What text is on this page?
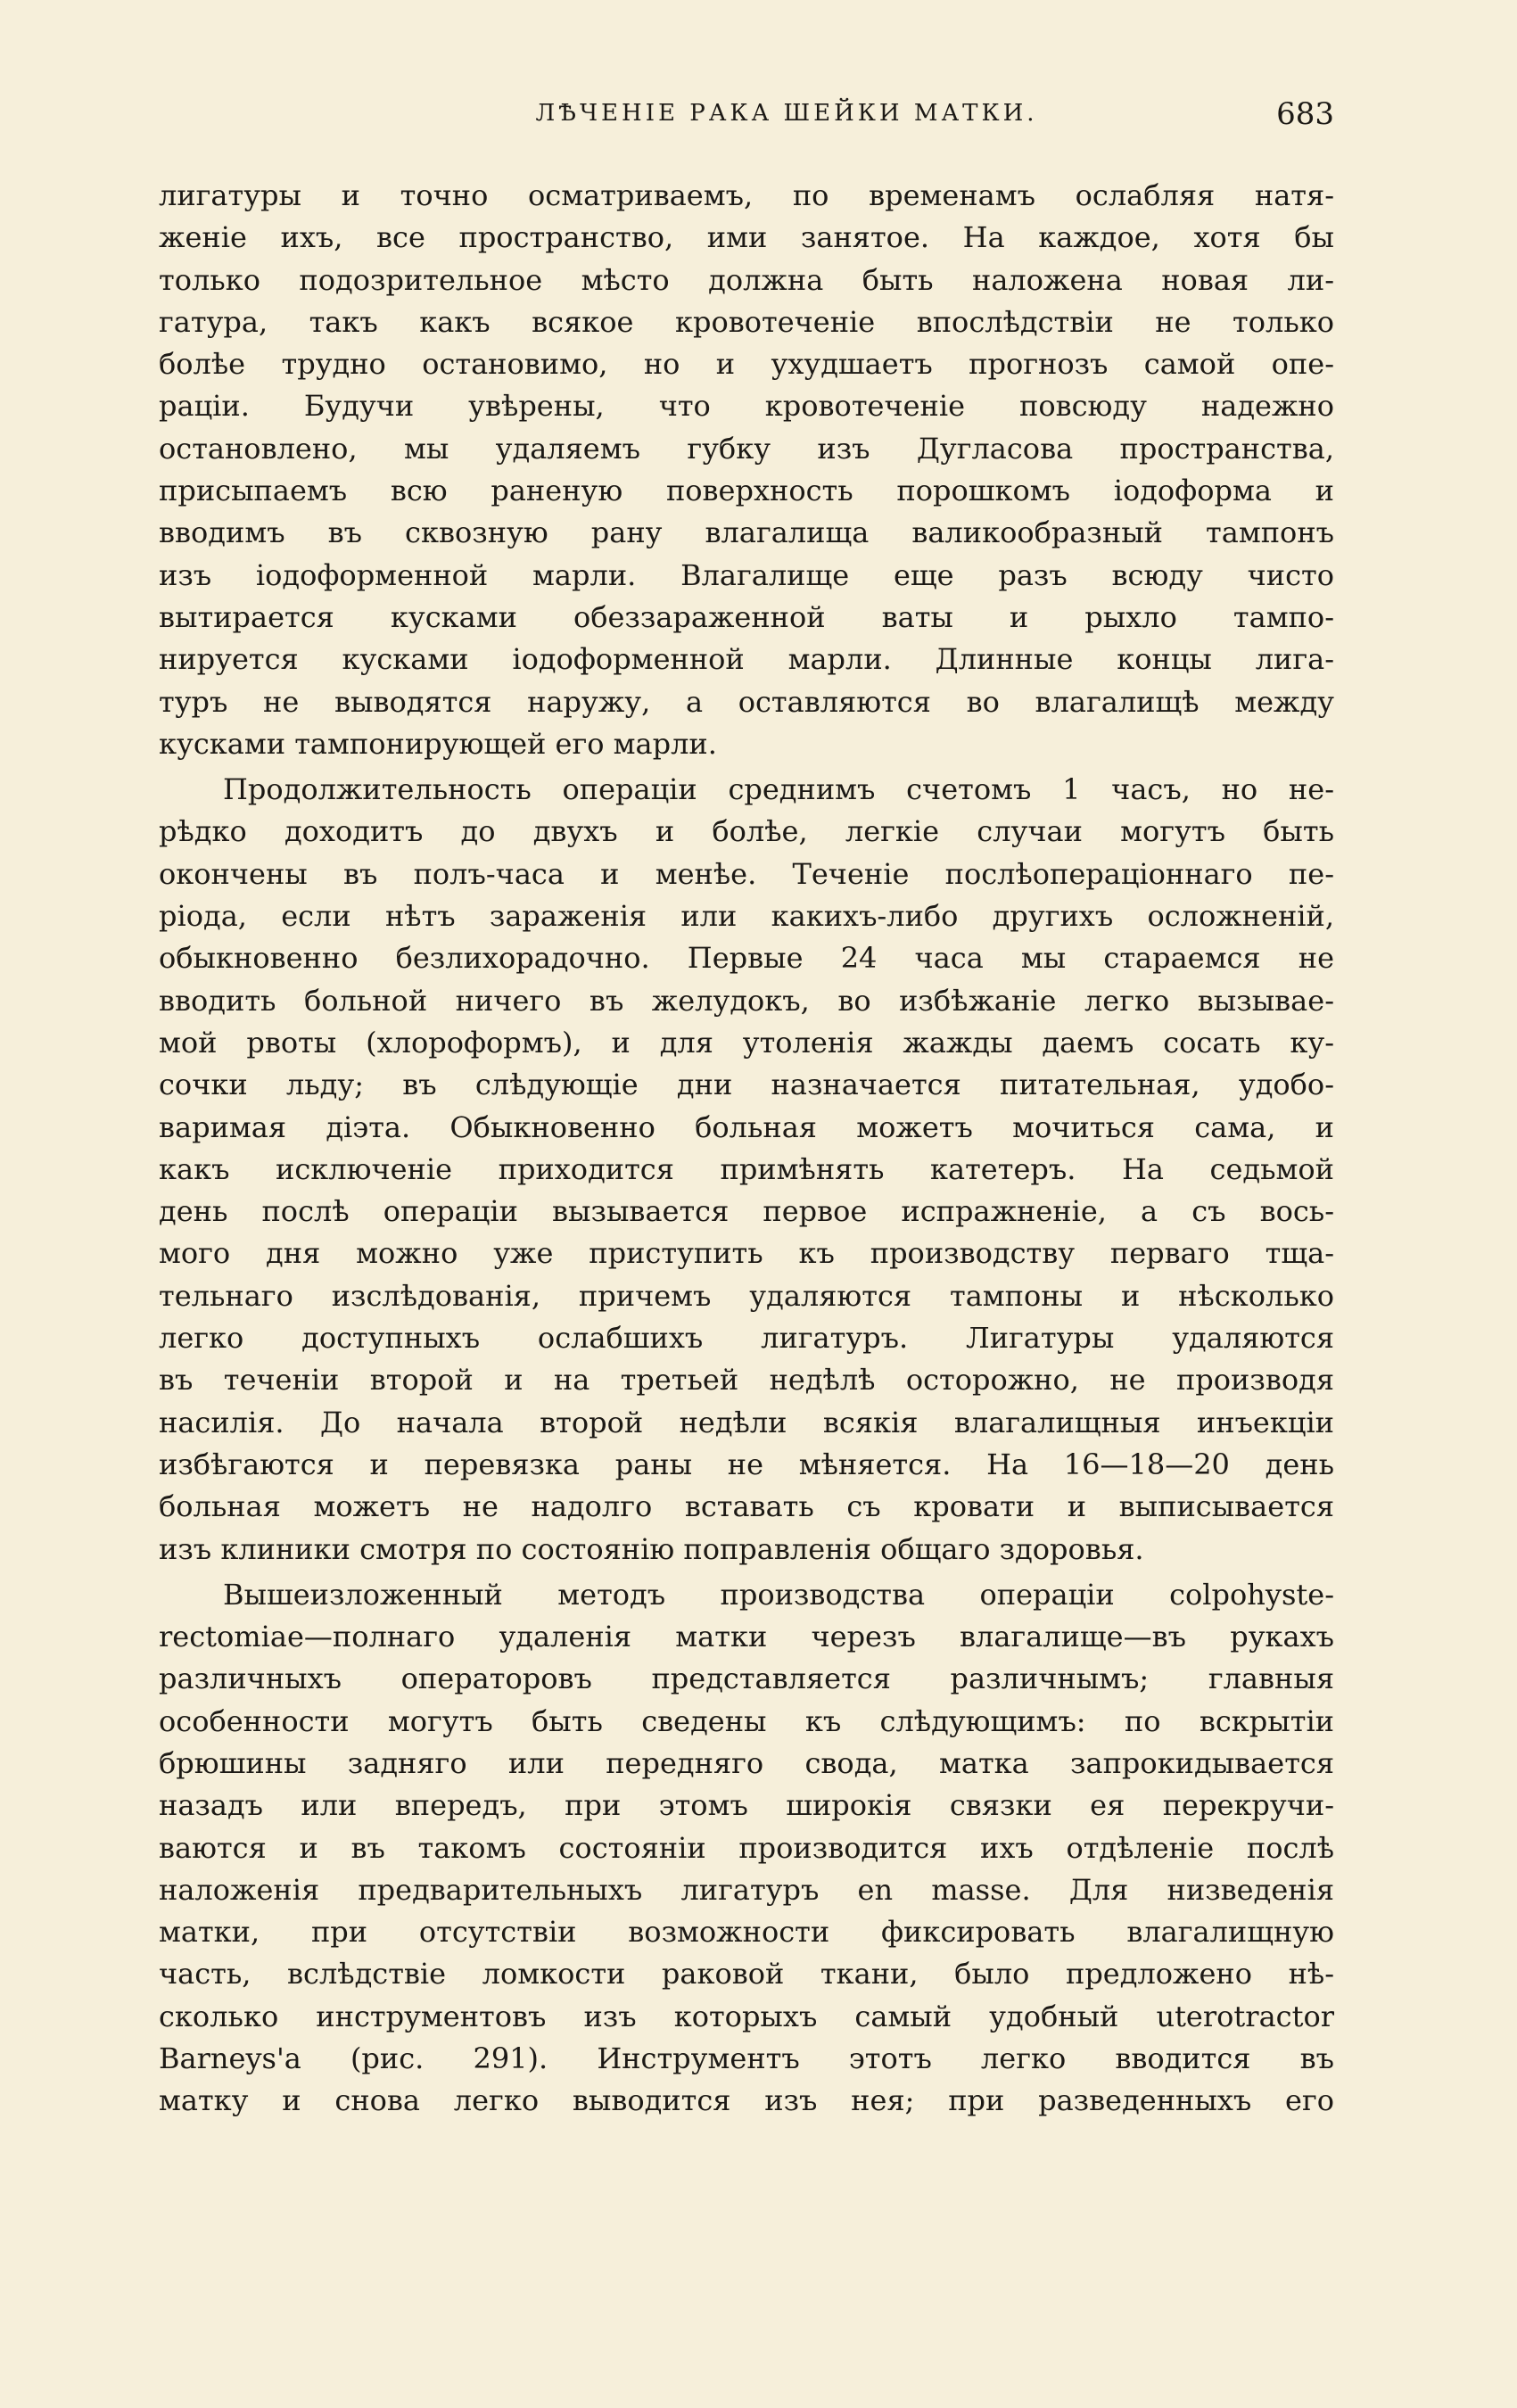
ЛѢЧЕНІЕ РАКА ШЕЙКИ МАТКИ.	683
лигатуры и точно осматриваемъ, по временамъ ослабляя натя-
женіе ихъ, все пространство, ими занятое. На каждое, хотя бы
только подозрительное мѣсто должна быть наложена новая ли-
гатура, такъ какъ всякое кровотеченіе впослѣдствіи не только
болѣе трудно остановимо, но и ухудшаетъ прогнозъ самой опе-
раціи. Будучи увѣрены, что кровотеченіе повсюду надежно
остановлено, мы удаляемъ губку изъ Дугласова пространства,
присыпаемъ всю раненую поверхность порошкомъ іодоформа и
вводимъ въ сквозную рану влагалища валикообразный тампонъ
изъ іодоформенной марли. Влагалище еще разъ всюду чисто
вытирается кусками обеззараженной ваты и рыхло тампо-
нируется кусками іодоформенной марли. Длинные концы лига-
туръ не выводятся наружу, а оставляются во влагалищѣ между
кусками тампонирующей его марли.
Продолжительность операціи среднимъ счетомъ 1 часъ, но не-
рѣдко доходитъ до двухъ и болѣе, легкіе случаи могутъ быть
окончены въ полъ-часа и менѣе. Теченіе послѣопераціоннаго пе-
ріода, если нѣтъ зараженія или какихъ-либо другихъ осложненій,
обыкновенно безлихорадочно. Первые 24 часа мы стараемся не
вводить больной ничего въ желудокъ, во избѣжаніе легко вызывае-
мой рвоты (хлороформъ), и для утоленія жажды даемъ сосать ку-
сочки льду; въ слѣдующіе дни назначается питательная, удобо-
варимая діэта. Обыкновенно больная можетъ мочиться сама, и
какъ исключеніе приходится примѣнять катетеръ. На седьмой
день послѣ операціи вызывается первое испражненіе, а съ вось-
мого дня можно уже приступить къ производству перваго тща-
тельнаго изслѣдованія, причемъ удаляются тампоны и нѣсколько
легко доступныхъ ослабшихъ лигатуръ. Лигатуры удаляются
въ теченіи второй и на третьей недѣлѣ осторожно, не производя
насилія. До начала второй недѣли всякія влагалищныя инъекціи
избѣгаются и перевязка раны не мѣняется. На 16—18—20 день
больная можетъ не надолго вставать съ кровати и выписывается
изъ клиники смотря по состоянію поправленія общаго здоровья.
Вышеизложенный методъ производства операціи colpohyste-
rectomiae—полнаго удаленія матки черезъ влагалище—въ рукахъ
различныхъ операторовъ представляется различнымъ; главныя
особенности могутъ быть сведены къ слѣдующимъ: по вскрытіи
брюшины задняго или передняго свода, матка запрокидывается
назадъ или впередъ, при этомъ широкія связки ея перекручи-
ваются и въ такомъ состояніи производится ихъ отдѣленіе послѣ
наложенія предварительныхъ лигатуръ en masse. Для низведенія
матки, при отсутствіи возможности фиксировать влагалищную
часть, вслѣдствіе ломкости раковой ткани, было предложено нѣ-
сколько инструментовъ изъ которыхъ самый удобный uterotractor
Barneys'a (рис. 291). Инструментъ этотъ легко вводится въ
матку и снова легко выводится изъ нея; при разведенныхъ его
